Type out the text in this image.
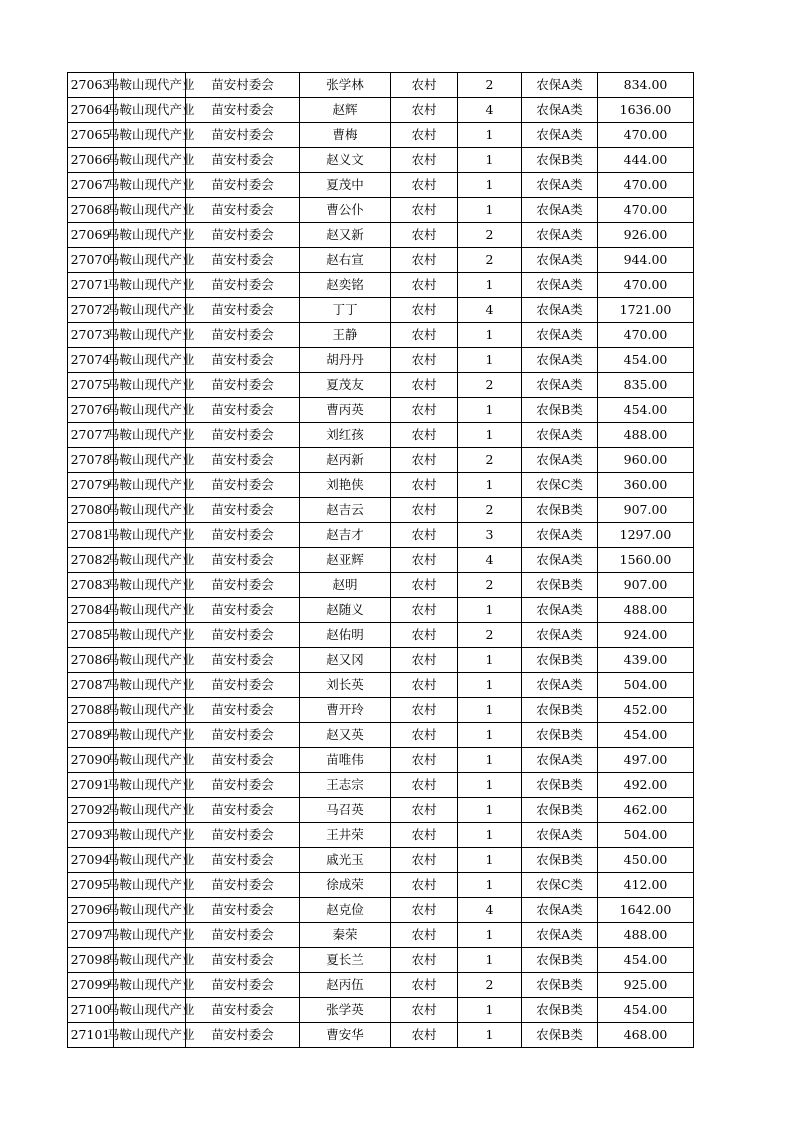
27063	马鞍山现代产业	苗安村委会	张学林	农村	2	农保A类	834.00
27064	马鞍山现代产业	苗安村委会	赵辉	农村	4	农保A类	1636.00
27065	马鞍山现代产业	苗安村委会	曹梅	农村	1	农保A类	470.00
27066	马鞍山现代产业	苗安村委会	赵义文	农村	1	农保B类	444.00
27067	马鞍山现代产业	苗安村委会	夏茂中	农村	1	农保A类	470.00
27068	马鞍山现代产业	苗安村委会	曹公仆	农村	1	农保A类	470.00
27069	马鞍山现代产业	苗安村委会	赵又新	农村	2	农保A类	926.00
27070	马鞍山现代产业	苗安村委会	赵右宣	农村	2	农保A类	944.00
27071	马鞍山现代产业	苗安村委会	赵奕铭	农村	1	农保A类	470.00
27072	马鞍山现代产业	苗安村委会	丁丁	农村	4	农保A类	1721.00
27073	马鞍山现代产业	苗安村委会	王静	农村	1	农保A类	470.00
27074	马鞍山现代产业	苗安村委会	胡丹丹	农村	1	农保A类	454.00
27075	马鞍山现代产业	苗安村委会	夏茂友	农村	2	农保A类	835.00
27076	马鞍山现代产业	苗安村委会	曹丙英	农村	1	农保B类	454.00
27077	马鞍山现代产业	苗安村委会	刘红孩	农村	1	农保A类	488.00
27078	马鞍山现代产业	苗安村委会	赵丙新	农村	2	农保A类	960.00
27079	马鞍山现代产业	苗安村委会	刘艳侠	农村	1	农保C类	360.00
27080	马鞍山现代产业	苗安村委会	赵吉云	农村	2	农保B类	907.00
27081	马鞍山现代产业	苗安村委会	赵吉才	农村	3	农保A类	1297.00
27082	马鞍山现代产业	苗安村委会	赵亚辉	农村	4	农保A类	1560.00
27083	马鞍山现代产业	苗安村委会	赵明	农村	2	农保B类	907.00
27084	马鞍山现代产业	苗安村委会	赵随义	农村	1	农保A类	488.00
27085	马鞍山现代产业	苗安村委会	赵佑明	农村	2	农保A类	924.00
27086	马鞍山现代产业	苗安村委会	赵又冈	农村	1	农保B类	439.00
27087	马鞍山现代产业	苗安村委会	刘长英	农村	1	农保A类	504.00
27088	马鞍山现代产业	苗安村委会	曹开玲	农村	1	农保B类	452.00
27089	马鞍山现代产业	苗安村委会	赵又英	农村	1	农保B类	454.00
27090	马鞍山现代产业	苗安村委会	苗唯伟	农村	1	农保A类	497.00
27091	马鞍山现代产业	苗安村委会	王志宗	农村	1	农保B类	492.00
27092	马鞍山现代产业	苗安村委会	马召英	农村	1	农保B类	462.00
27093	马鞍山现代产业	苗安村委会	王井荣	农村	1	农保A类	504.00
27094	马鞍山现代产业	苗安村委会	戚光玉	农村	1	农保B类	450.00
27095	马鞍山现代产业	苗安村委会	徐成荣	农村	1	农保C类	412.00
27096	马鞍山现代产业	苗安村委会	赵克俭	农村	4	农保A类	1642.00
27097	马鞍山现代产业	苗安村委会	秦荣	农村	1	农保A类	488.00
27098	马鞍山现代产业	苗安村委会	夏长兰	农村	1	农保B类	454.00
27099	马鞍山现代产业	苗安村委会	赵丙伍	农村	2	农保B类	925.00
27100	马鞍山现代产业	苗安村委会	张学英	农村	1	农保B类	454.00
27101	马鞍山现代产业	苗安村委会	曹安华	农村	1	农保B类	468.00
